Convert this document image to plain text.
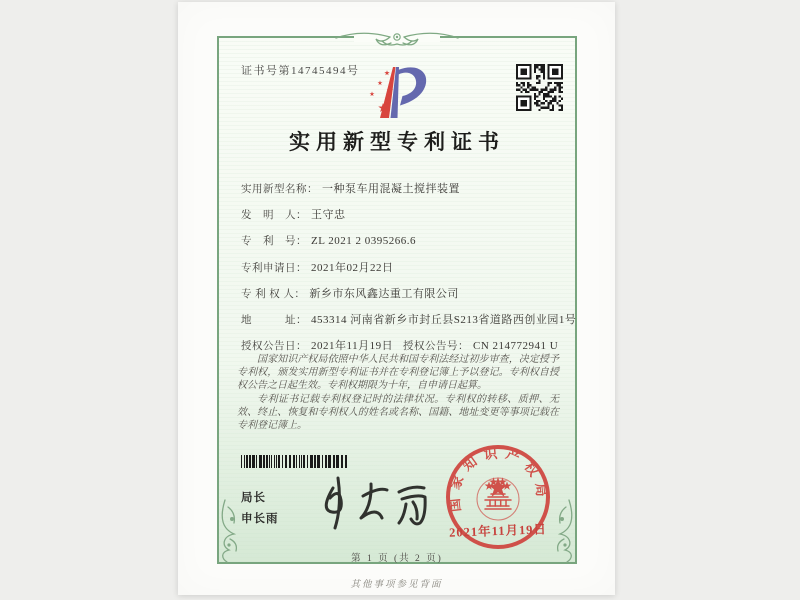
证书号第14745494号
实用新型专利证书
实用新型名称： 一种泵车用混凝土搅拌装置
发　明　人： 王守忠
专　利　号： ZL 2021 2 0395266.6
专利申请日： 2021年02月22日
专 利 权 人： 新乡市东风鑫达重工有限公司
地　　　址： 453314 河南省新乡市封丘县S213省道路西创业园1号
授权公告日： 2021年11月19日 授权公告号： CN 214772941 U

国家知识产权局依照中华人民共和国专利法经过初步审查，决定授予专利权，颁发实用新型专利证书并在专利登记簿上予以登记。专利权自授权公告之日起生效。专利权期限为十年，自申请日起算。

专利证书记载专利权登记时的法律状况。专利权的转移、质押、无效、终止、恢复和专利权人的姓名或名称、国籍、地址变更等事项记载在专利登记簿上。

局长
申长雨
国家知识产权局
2021年11月19日
第 1 页 (共 2 页)
其他事项参见背面
